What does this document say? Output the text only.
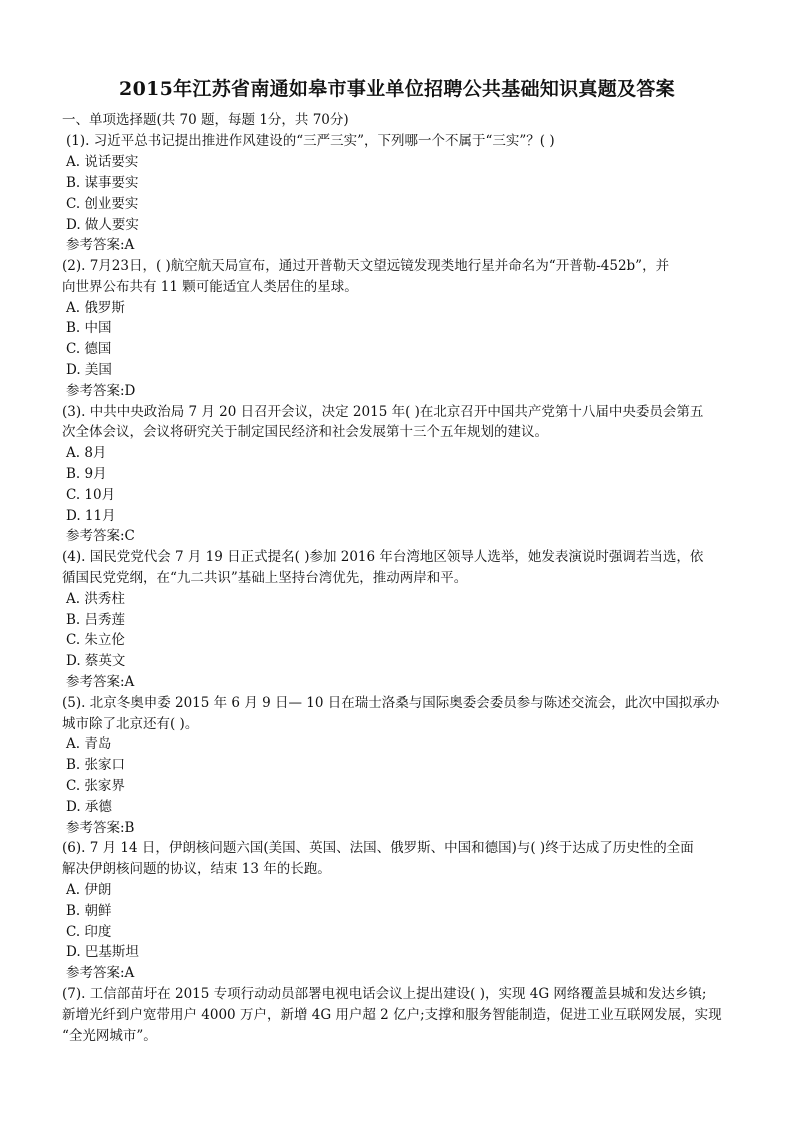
2015年江苏省南通如皋市事业单位招聘公共基础知识真题及答案
一、单项选择题(共 70 题，每题 1分，共 70分)
(1). 习近平总书记提出推进作风建设的“三严三实”，下列哪一个不属于“三实”？( )
A. 说话要实
B. 谋事要实
C. 创业要实
D. 做人要实
参考答案:A
(2). 7月23日，( )航空航天局宣布，通过开普勒天文望远镜发现类地行星并命名为“开普勒-452b”，并
向世界公布共有 11 颗可能适宜人类居住的星球。
A. 俄罗斯
B. 中国
C. 德国
D. 美国
参考答案:D
(3). 中共中央政治局 7 月 20 日召开会议，决定 2015 年( )在北京召开中国共产党第十八届中央委员会第五
次全体会议，会议将研究关于制定国民经济和社会发展第十三个五年规划的建议。
A. 8月
B. 9月
C. 10月
D. 11月
参考答案:C
(4). 国民党党代会 7 月 19 日正式提名( )参加 2016 年台湾地区领导人选举，她发表演说时强调若当选，依
循国民党党纲，在“九二共识”基础上坚持台湾优先，推动两岸和平。
A. 洪秀柱
B. 吕秀莲
C. 朱立伦
D. 蔡英文
参考答案:A
(5). 北京冬奥申委 2015 年 6 月 9 日— 10 日在瑞士洛桑与国际奥委会委员参与陈述交流会，此次中国拟承办
城市除了北京还有( )。
A. 青岛
B. 张家口
C. 张家界
D. 承德
参考答案:B
(6). 7 月 14 日，伊朗核问题六国(美国、英国、法国、俄罗斯、中国和德国)与( )终于达成了历史性的全面
解决伊朗核问题的协议，结束 13 年的长跑。
A. 伊朗
B. 朝鲜
C. 印度
D. 巴基斯坦
参考答案:A
(7). 工信部苗圩在 2015 专项行动动员部署电视电话会议上提出建设( )，实现 4G 网络覆盖县城和发达乡镇;
新增光纤到户宽带用户 4000 万户，新增 4G 用户超 2 亿户;支撑和服务智能制造，促进工业互联网发展，实现
“全光网城市”。
